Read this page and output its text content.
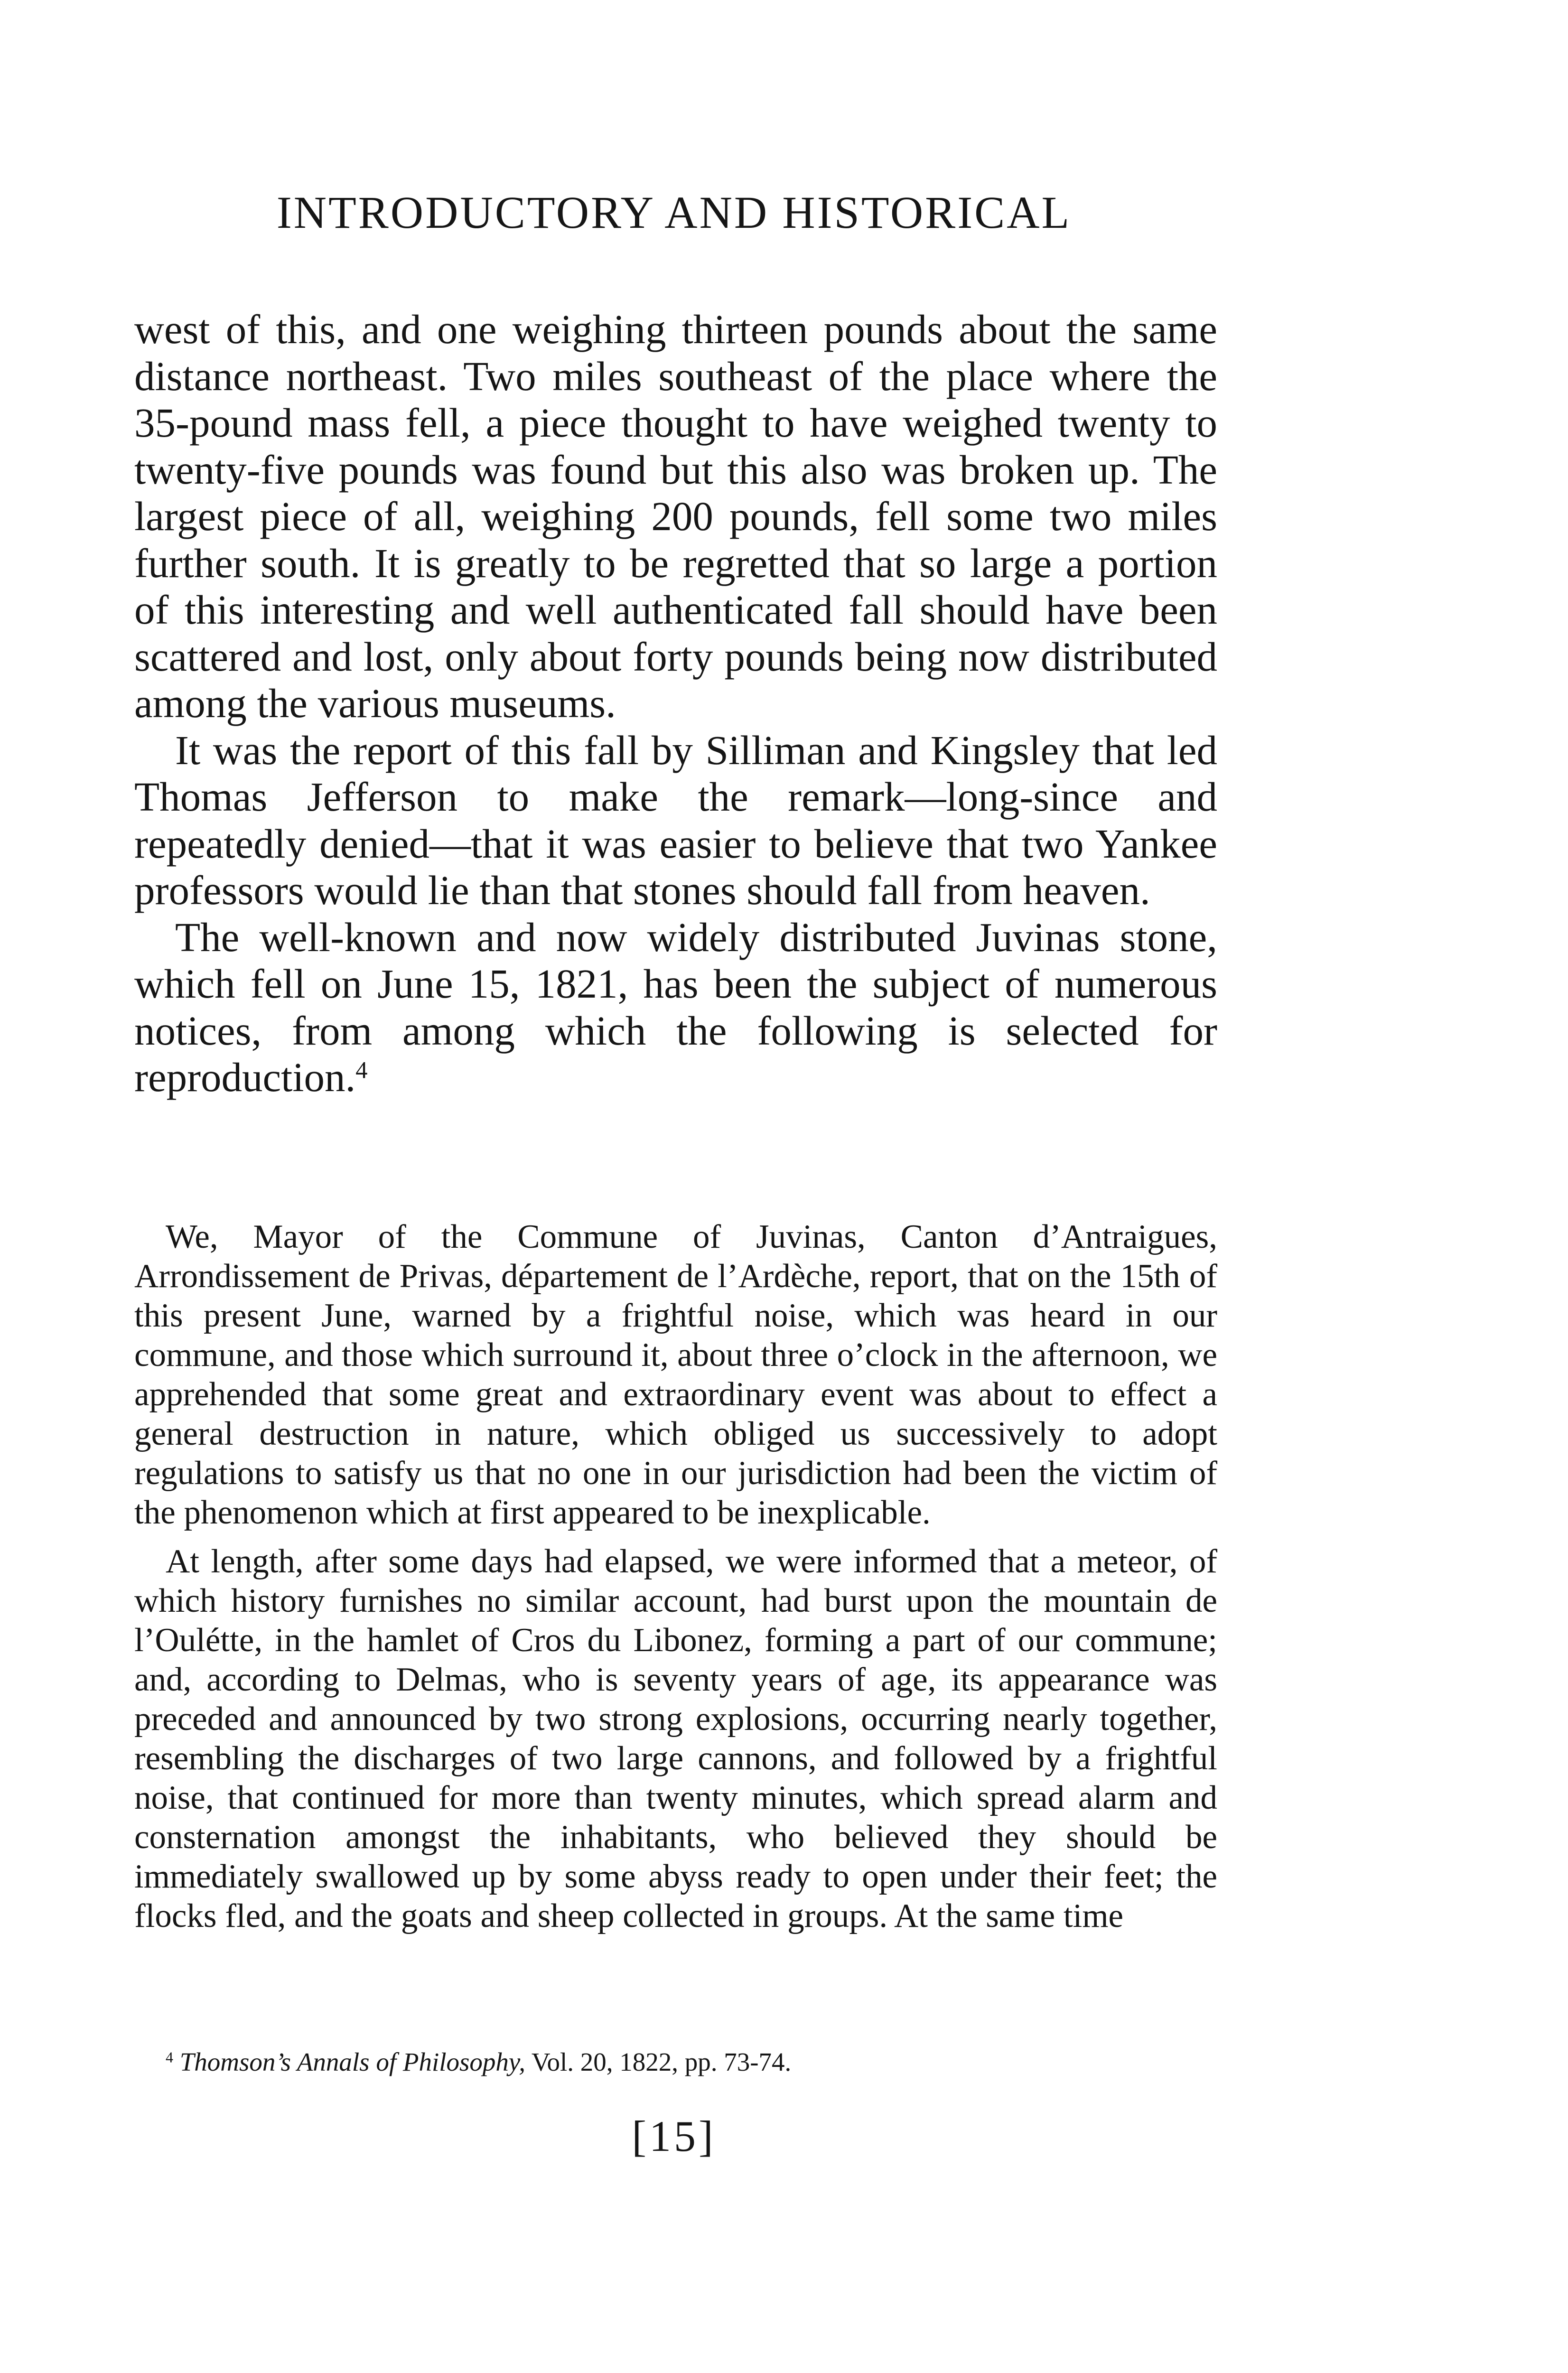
INTRODUCTORY AND HISTORICAL

west of this, and one weighing thirteen pounds about the same distance northeast. Two miles southeast of the place where the 35-pound mass fell, a piece thought to have weighed twenty to twenty-five pounds was found but this also was broken up. The largest piece of all, weighing 200 pounds, fell some two miles further south. It is greatly to be regretted that so large a portion of this interesting and well authenticated fall should have been scattered and lost, only about forty pounds being now distributed among the various museums.

It was the report of this fall by Silliman and Kingsley that led Thomas Jefferson to make the remark—long-since and repeatedly denied—that it was easier to believe that two Yankee professors would lie than that stones should fall from heaven.

The well-known and now widely distributed Juvinas stone, which fell on June 15, 1821, has been the subject of numerous notices, from among which the following is selected for reproduction.$^4$

We, Mayor of the Commune of Juvinas, Canton d’Antraigues, Arrondissement de Privas, département de l’Ardèche, report, that on the 15th of this present June, warned by a frightful noise, which was heard in our commune, and those which surround it, about three o’clock in the afternoon, we apprehended that some great and extraordinary event was about to effect a general destruction in nature, which obliged us successively to adopt regulations to satisfy us that no one in our jurisdiction had been the victim of the phenomenon which at first appeared to be inexplicable.

At length, after some days had elapsed, we were informed that a meteor, of which history furnishes no similar account, had burst upon the mountain de l’Oulétte, in the hamlet of Cros du Libonez, forming a part of our commune; and, according to Delmas, who is seventy years of age, its appearance was preceded and announced by two strong explosions, occurring nearly together, resembling the discharges of two large cannons, and followed by a frightful noise, that continued for more than twenty minutes, which spread alarm and consternation amongst the inhabitants, who believed they should be immediately swallowed up by some abyss ready to open under their feet; the flocks fled, and the goats and sheep collected in groups. At the same time

$^4$ Thomson’s Annals of Philosophy, Vol. 20, 1822, pp. 73-74.
[15]
